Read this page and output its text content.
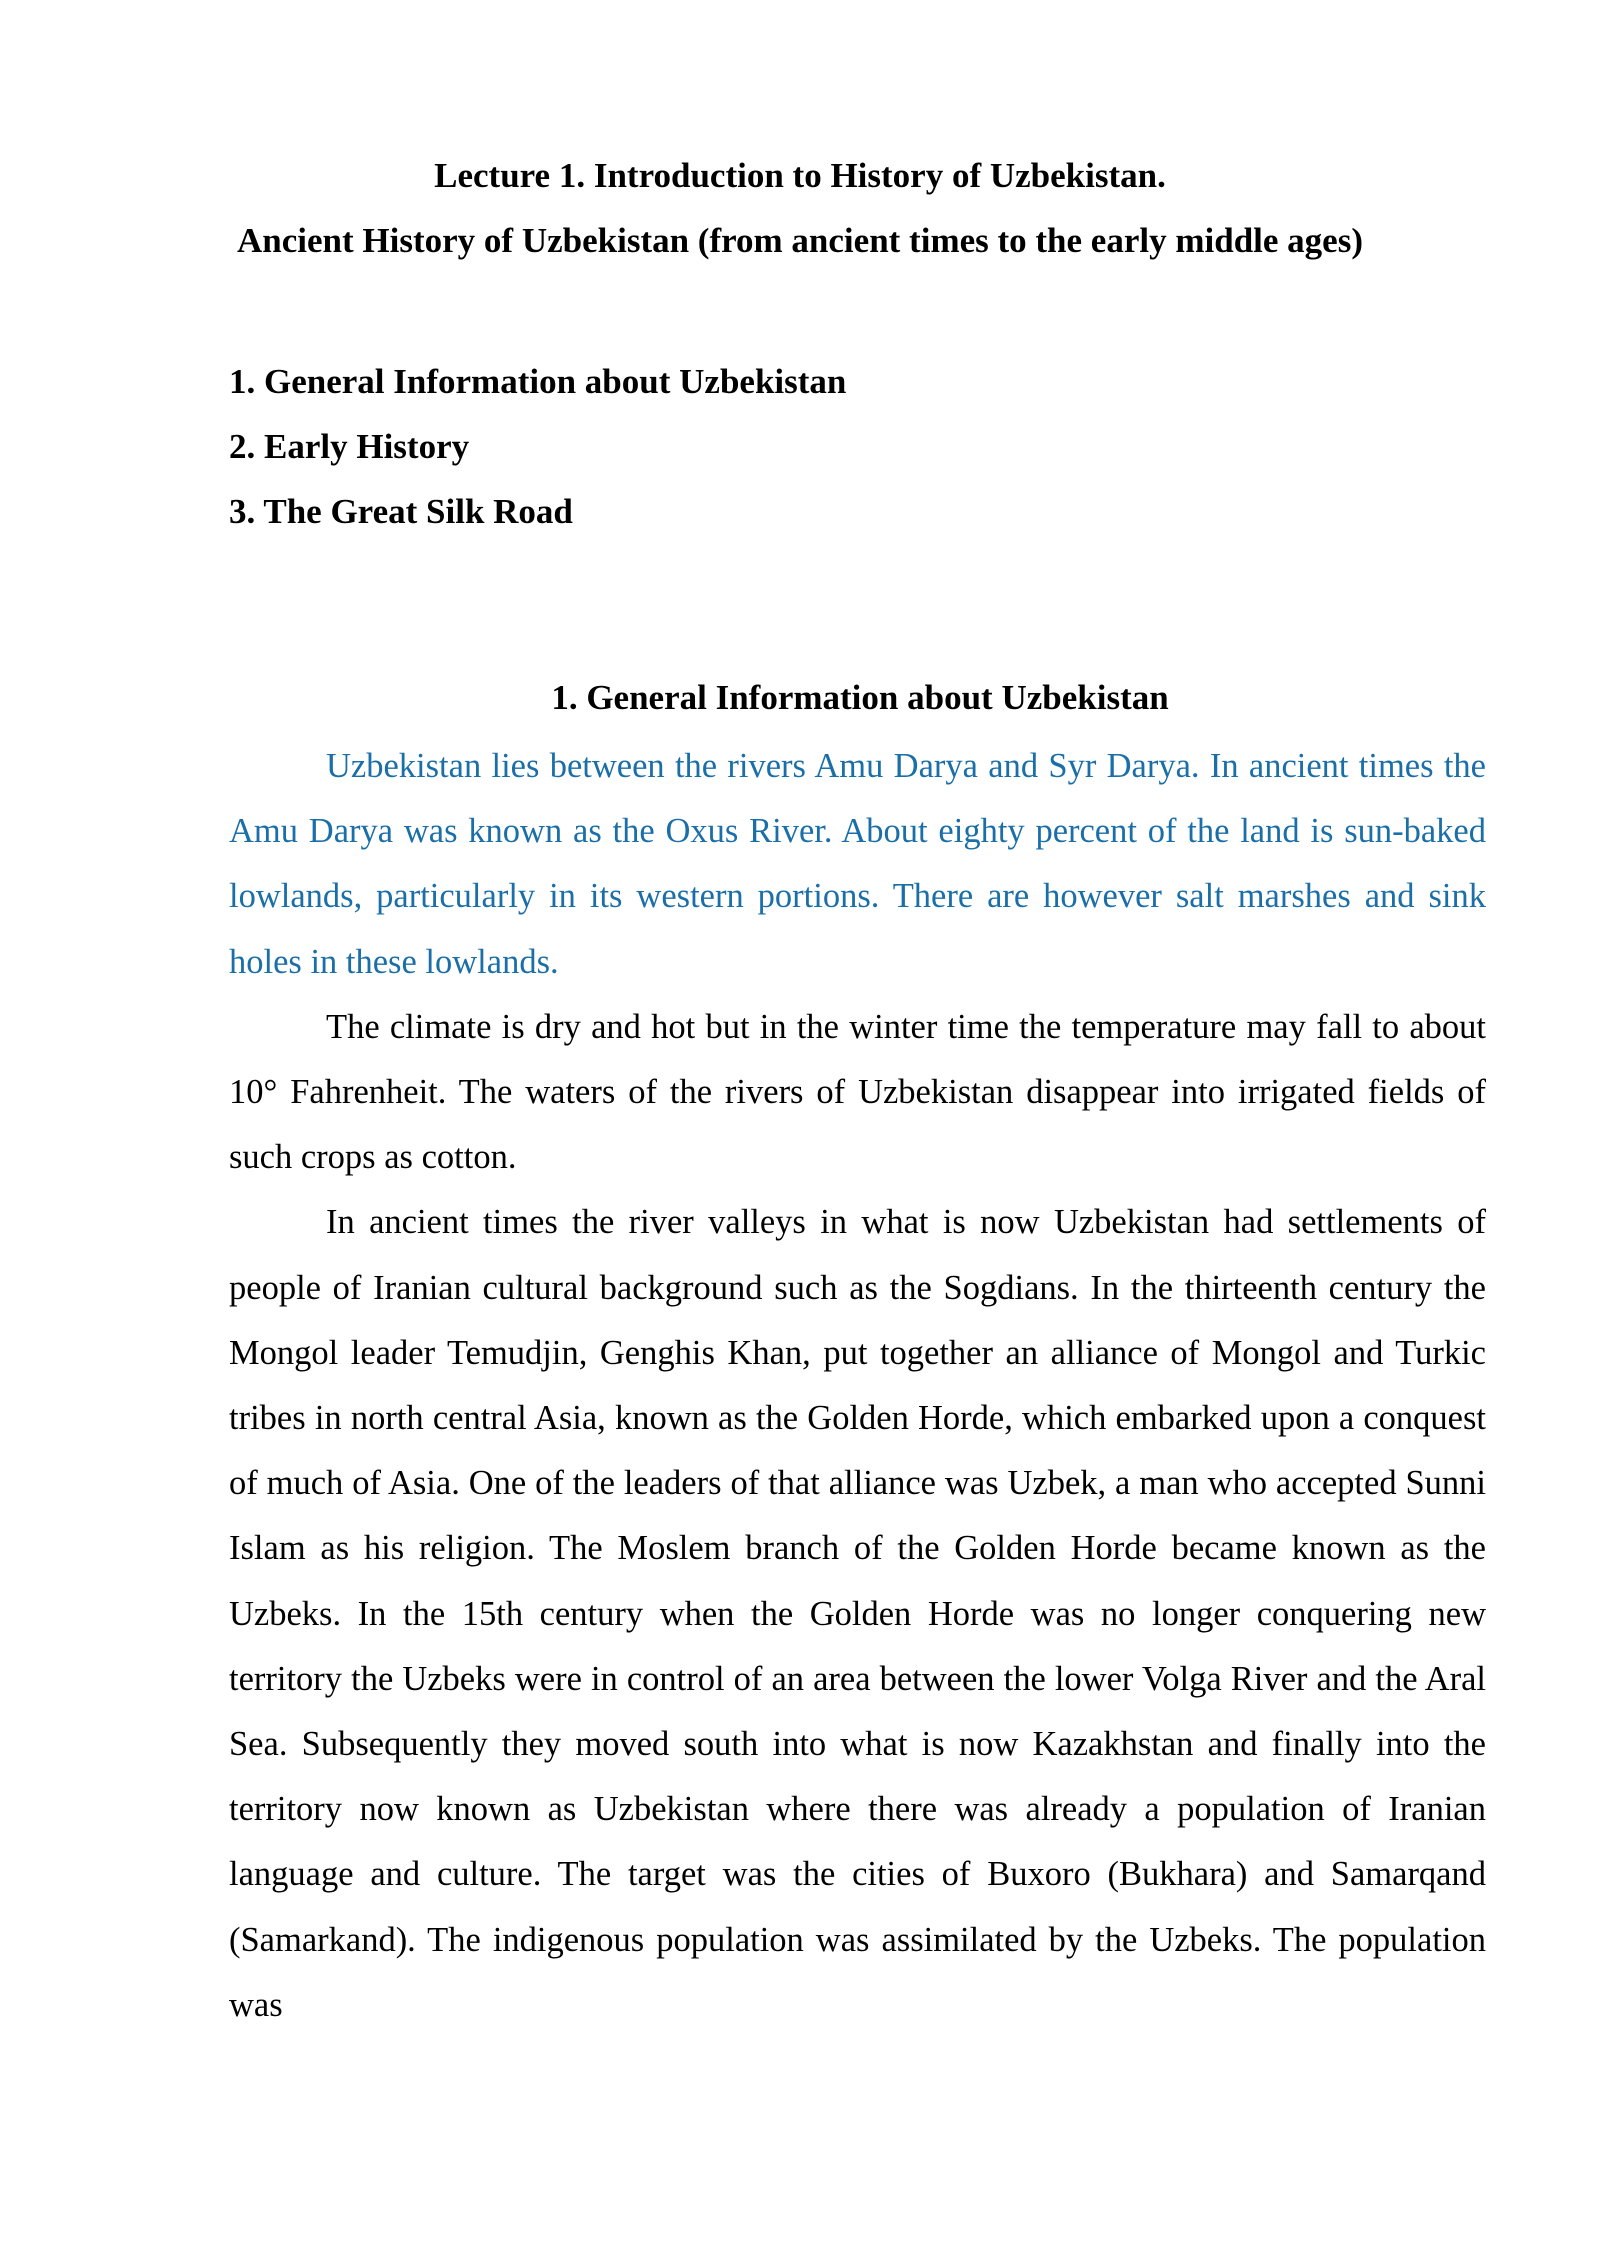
Lecture 1. Introduction to History of Uzbekistan.
Ancient History of Uzbekistan (from ancient times to the early middle ages)
1. General Information about Uzbekistan
2. Early History
3. The Great Silk Road
1. General Information about Uzbekistan

Uzbekistan lies between the rivers Amu Darya and Syr Darya. In ancient times the Amu Darya was known as the Oxus River. About eighty percent of the land is sun-baked lowlands, particularly in its western portions. There are however salt marshes and sink holes in these lowlands.

The climate is dry and hot but in the winter time the temperature may fall to about 10° Fahrenheit. The waters of the rivers of Uzbekistan disappear into irrigated fields of such crops as cotton.

In ancient times the river valleys in what is now Uzbekistan had settlements of people of Iranian cultural background such as the Sogdians. In the thirteenth century the Mongol leader Temudjin, Genghis Khan, put together an alliance of Mongol and Turkic tribes in north central Asia, known as the Golden Horde, which embarked upon a conquest of much of Asia. One of the leaders of that alliance was Uzbek, a man who accepted Sunni Islam as his religion. The Moslem branch of the Golden Horde became known as the Uzbeks. In the 15th century when the Golden Horde was no longer conquering new territory the Uzbeks were in control of an area between the lower Volga River and the Aral Sea. Subsequently they moved south into what is now Kazakhstan and finally into the territory now known as Uzbekistan where there was already a population of Iranian language and culture. The target was the cities of Buxoro (Bukhara) and Samarqand (Samarkand). The indigenous population was assimilated by the Uzbeks. The population was
